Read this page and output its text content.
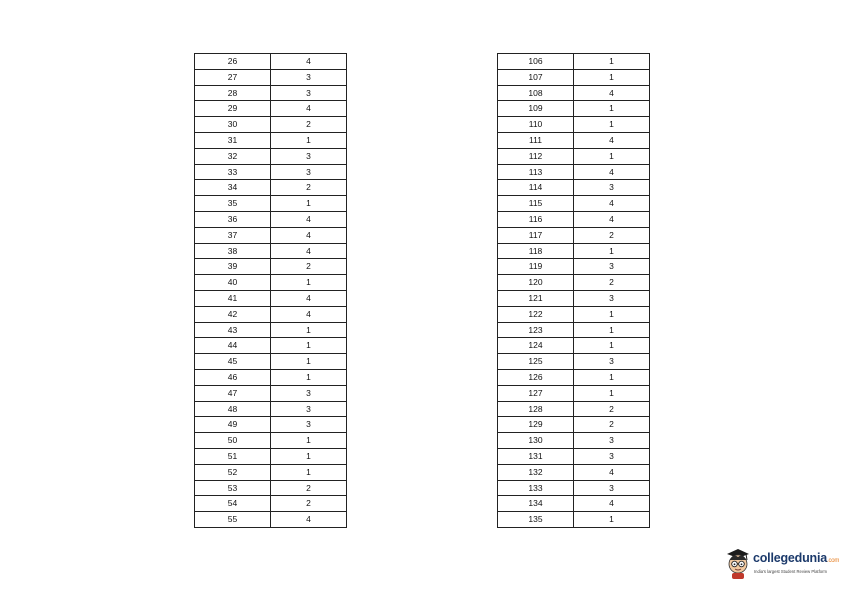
26	4
27	3
28	3
29	4
30	2
31	1
32	3
33	3
34	2
35	1
36	4
37	4
38	4
39	2
40	1
41	4
42	4
43	1
44	1
45	1
46	1
47	3
48	3
49	3
50	1
51	1
52	1
53	2
54	2
55	4
106	1
107	1
108	4
109	1
110	1
111	4
112	1
113	4
114	3
115	4
116	4
117	2
118	1
119	3
120	2
121	3
122	1
123	1
124	1
125	3
126	1
127	1
128	2
129	2
130	3
131	3
132	4
133	3
134	4
135	1
collegedunia.com
India's largest Student Review Platform
